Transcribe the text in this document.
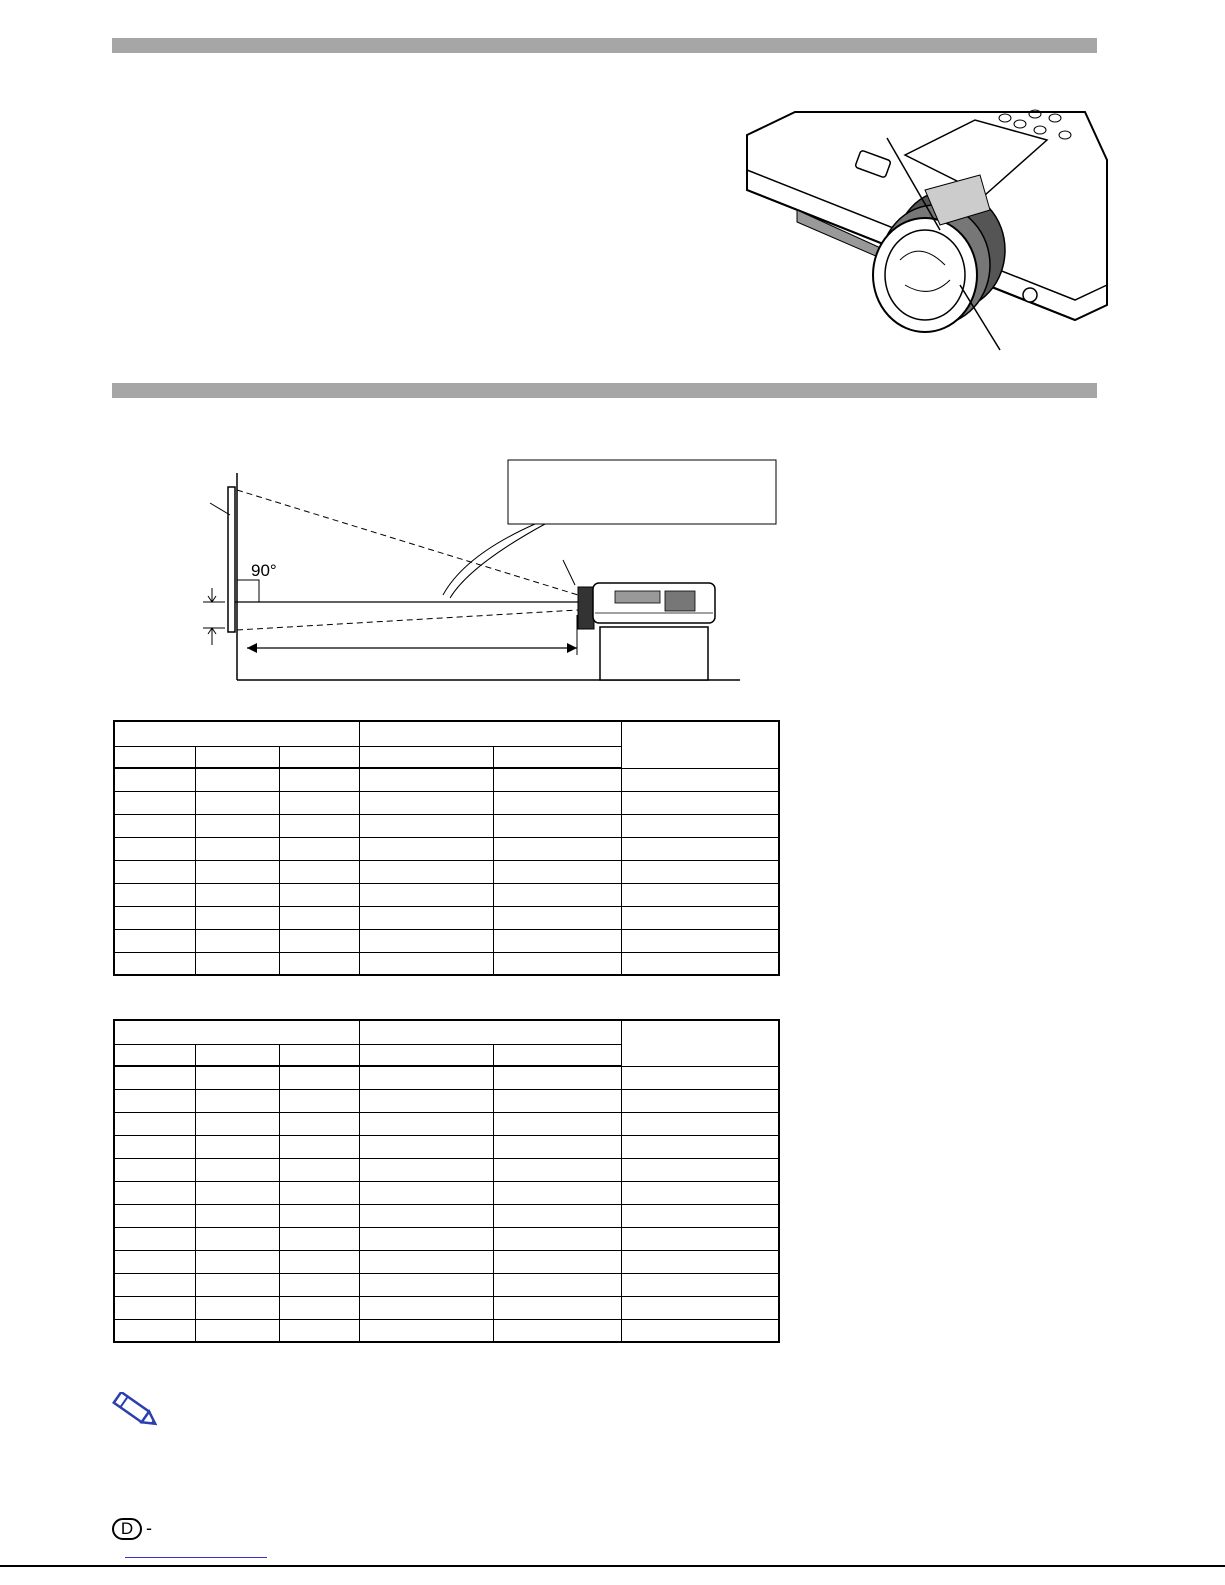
90°

D -
